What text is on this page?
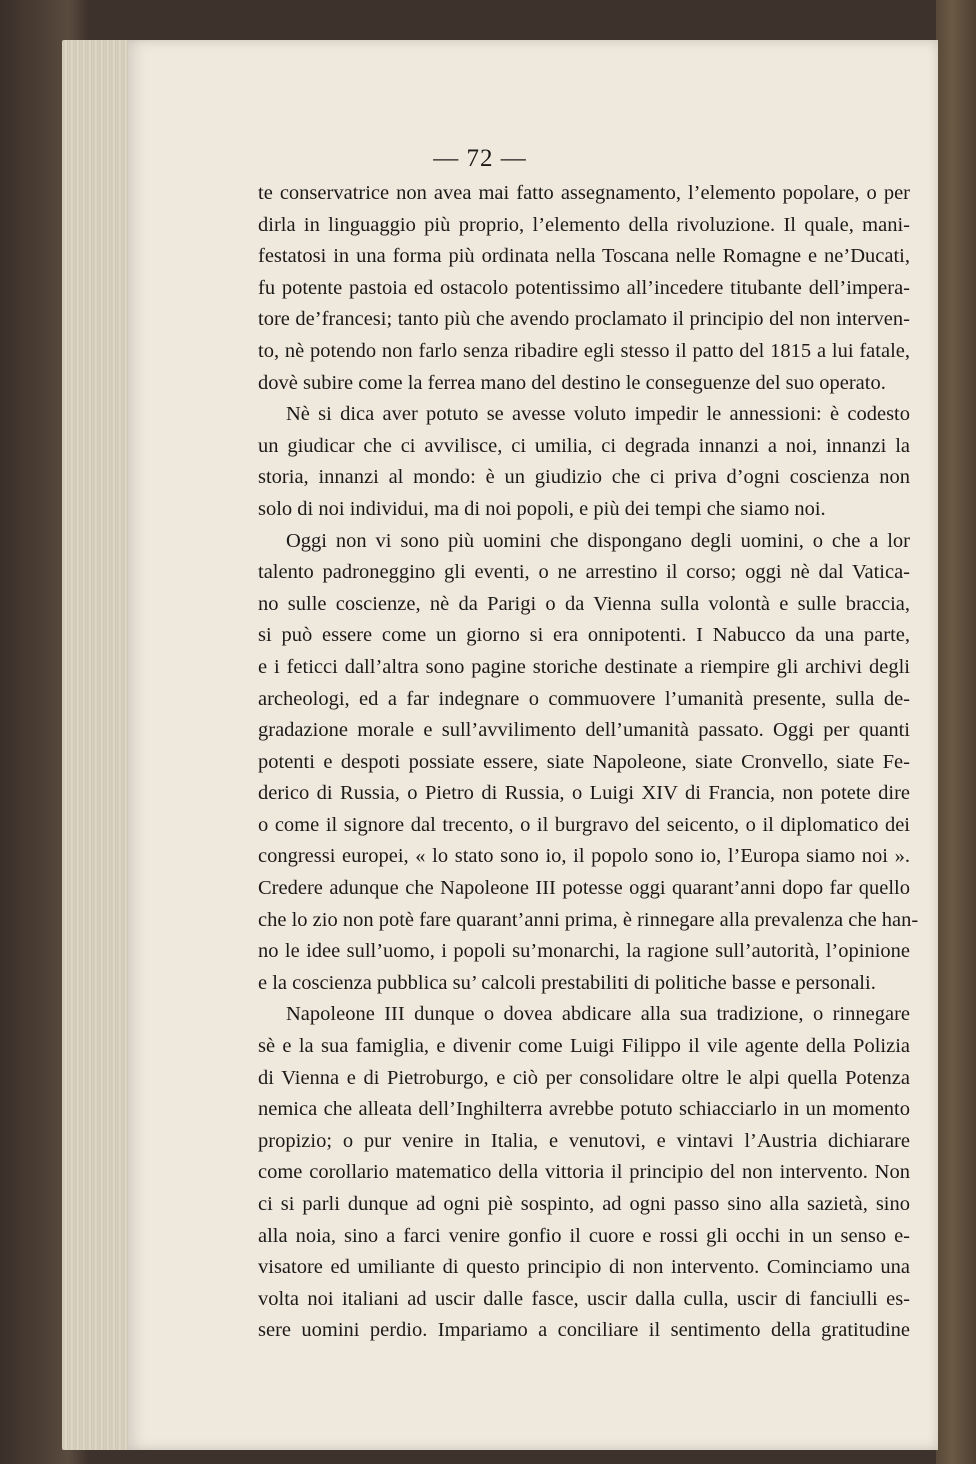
— 72 —
te conservatrice non avea mai fatto assegnamento, l’elemento popolare, o per
dirla in linguaggio più proprio, l’elemento della rivoluzione. Il quale, mani-
festatosi in una forma più ordinata nella Toscana nelle Romagne e ne’Ducati,
fu potente pastoia ed ostacolo potentissimo all’incedere titubante dell’impera-
tore de’francesi; tanto più che avendo proclamato il principio del non interven-
to, nè potendo non farlo senza ribadire egli stesso il patto del 1815 a lui fatale,
dovè subire come la ferrea mano del destino le conseguenze del suo operato.
Nè si dica aver potuto se avesse voluto impedir le annessioni: è codesto
un giudicar che ci avvilisce, ci umilia, ci degrada innanzi a noi, innanzi la
storia, innanzi al mondo: è un giudizio che ci priva d’ogni coscienza non
solo di noi individui, ma di noi popoli, e più dei tempi che siamo noi.
Oggi non vi sono più uomini che dispongano degli uomini, o che a lor
talento padroneggino gli eventi, o ne arrestino il corso; oggi nè dal Vatica-
no sulle coscienze, nè da Parigi o da Vienna sulla volontà e sulle braccia,
si può essere come un giorno si era onnipotenti. I Nabucco da una parte,
e i feticci dall’altra sono pagine storiche destinate a riempire gli archivi degli
archeologi, ed a far indegnare o commuovere l’umanità presente, sulla de-
gradazione morale e sull’avvilimento dell’umanità passato. Oggi per quanti
potenti e despoti possiate essere, siate Napoleone, siate Cronvello, siate Fe-
derico di Russia, o Pietro di Russia, o Luigi XIV di Francia, non potete dire
o come il signore dal trecento, o il burgravo del seicento, o il diplomatico dei
congressi europei, « lo stato sono io, il popolo sono io, l’Europa siamo noi ».
Credere adunque che Napoleone III potesse oggi quarant’anni dopo far quello
che lo zio non potè fare quarant’anni prima, è rinnegare alla prevalenza che han-
no le idee sull’uomo, i popoli su’monarchi, la ragione sull’autorità, l’opinione
e la coscienza pubblica su’ calcoli prestabiliti di politiche basse e personali.
Napoleone III dunque o dovea abdicare alla sua tradizione, o rinnegare
sè e la sua famiglia, e divenir come Luigi Filippo il vile agente della Polizia
di Vienna e di Pietroburgo, e ciò per consolidare oltre le alpi quella Potenza
nemica che alleata dell’Inghilterra avrebbe potuto schiacciarlo in un momento
propizio; o pur venire in Italia, e venutovi, e vintavi l’Austria dichiarare
come corollario matematico della vittoria il principio del non intervento. Non
ci si parli dunque ad ogni piè sospinto, ad ogni passo sino alla sazietà, sino
alla noia, sino a farci venire gonfio il cuore e rossi gli occhi in un senso e-
visatore ed umiliante di questo principio di non intervento. Cominciamo una
volta noi italiani ad uscir dalle fasce, uscir dalla culla, uscir di fanciulli es-
sere uomini perdio. Impariamo a conciliare il sentimento della gratitudine
